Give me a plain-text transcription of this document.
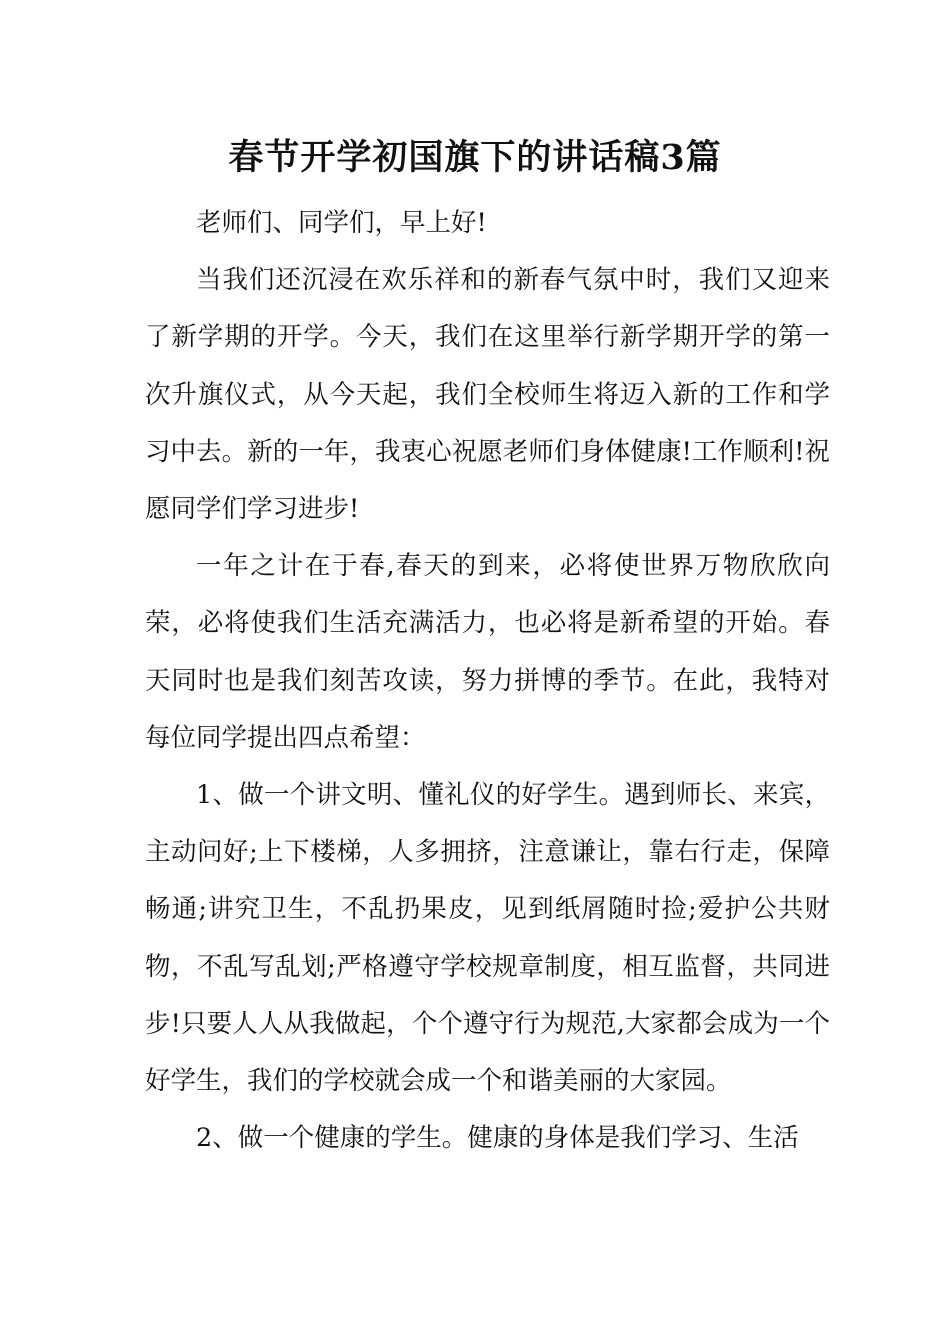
春节开学初国旗下的讲话稿3篇

老师们、同学们，早上好!

当我们还沉浸在欢乐祥和的新春气氛中时，我们又迎来了新学期的开学。今天，我们在这里举行新学期开学的第一次升旗仪式，从今天起，我们全校师生将迈入新的工作和学习中去。新的一年，我衷心祝愿老师们身体健康!工作顺利!祝愿同学们学习进步!

一年之计在于春,春天的到来，必将使世界万物欣欣向荣，必将使我们生活充满活力，也必将是新希望的开始。春天同时也是我们刻苦攻读，努力拼博的季节。在此，我特对每位同学提出四点希望：

1、做一个讲文明、懂礼仪的好学生。遇到师长、来宾，主动问好;上下楼梯，人多拥挤，注意谦让，靠右行走，保障畅通;讲究卫生，不乱扔果皮，见到纸屑随时捡;爱护公共财物，不乱写乱划;严格遵守学校规章制度，相互监督，共同进步!只要人人从我做起，个个遵守行为规范,大家都会成为一个好学生，我们的学校就会成一个和谐美丽的大家园。

2、做一个健康的学生。健康的身体是我们学习、生活
